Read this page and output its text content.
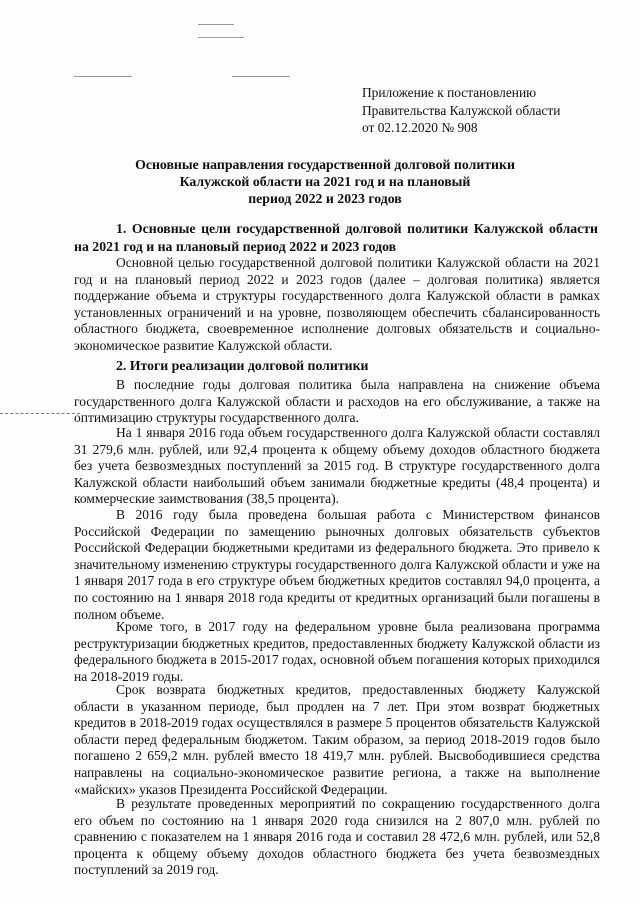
Приложение к постановлению
Правительства Калужской области
от 02.12.2020 № 908
Основные направления государственной долговой политики
Калужской области на 2021 год и на плановый
период 2022 и 2023 годов
1. Основные цели государственной долговой политики Калужской области на 2021 год и на плановый период 2022 и 2023 годов
Основной целью государственной долговой политики Калужской области на 2021 год и на плановый период 2022 и 2023 годов (далее – долговая политика) является поддержание объема и структуры государственного долга Калужской области в рамках установленных ограничений и на уровне, позволяющем обеспечить сбалансированность областного бюджета, своевременное исполнение долговых обязательств и социально-экономическое развитие Калужской области.
2. Итоги реализации долговой политики
В последние годы долговая политика была направлена на снижение объема государственного долга Калужской области и расходов на его обслуживание, а также на оптимизацию структуры государственного долга.
На 1 января 2016 года объем государственного долга Калужской области составлял 31 279,6 млн. рублей, или 92,4 процента к общему объему доходов областного бюджета без учета безвозмездных поступлений за 2015 год. В структуре государственного долга Калужской области наибольший объем занимали бюджетные кредиты (48,4 процента) и коммерческие заимствования (38,5 процента).
В 2016 году была проведена большая работа с Министерством финансов Российской Федерации по замещению рыночных долговых обязательств субъектов Российской Федерации бюджетными кредитами из федерального бюджета. Это привело к значительному изменению структуры государственного долга Калужской области и уже на 1 января 2017 года в его структуре объем бюджетных кредитов составлял 94,0 процента, а по состоянию на 1 января 2018 года кредиты от кредитных организаций были погашены в полном объеме.
Кроме того, в 2017 году на федеральном уровне была реализована программа реструктуризации бюджетных кредитов, предоставленных бюджету Калужской области из федерального бюджета в 2015-2017 годах, основной объем погашения которых приходился на 2018-2019 годы.
Срок возврата бюджетных кредитов, предоставленных бюджету Калужской области в указанном периоде, был продлен на 7 лет. При этом возврат бюджетных кредитов в 2018-2019 годах осуществлялся в размере 5 процентов обязательств Калужской области перед федеральным бюджетом. Таким образом, за период 2018-2019 годов было погашено 2 659,2 млн. рублей вместо 18 419,7 млн. рублей. Высвободившиеся средства направлены на социально-экономическое развитие региона, а также на выполнение «майских» указов Президента Российской Федерации.
В результате проведенных мероприятий по сокращению государственного долга его объем по состоянию на 1 января 2020 года снизился на 2 807,0 млн. рублей по сравнению с показателем на 1 января 2016 года и составил 28 472,6 млн. рублей, или 52,8 процента к общему объему доходов областного бюджета без учета безвозмездных поступлений за 2019 год.
